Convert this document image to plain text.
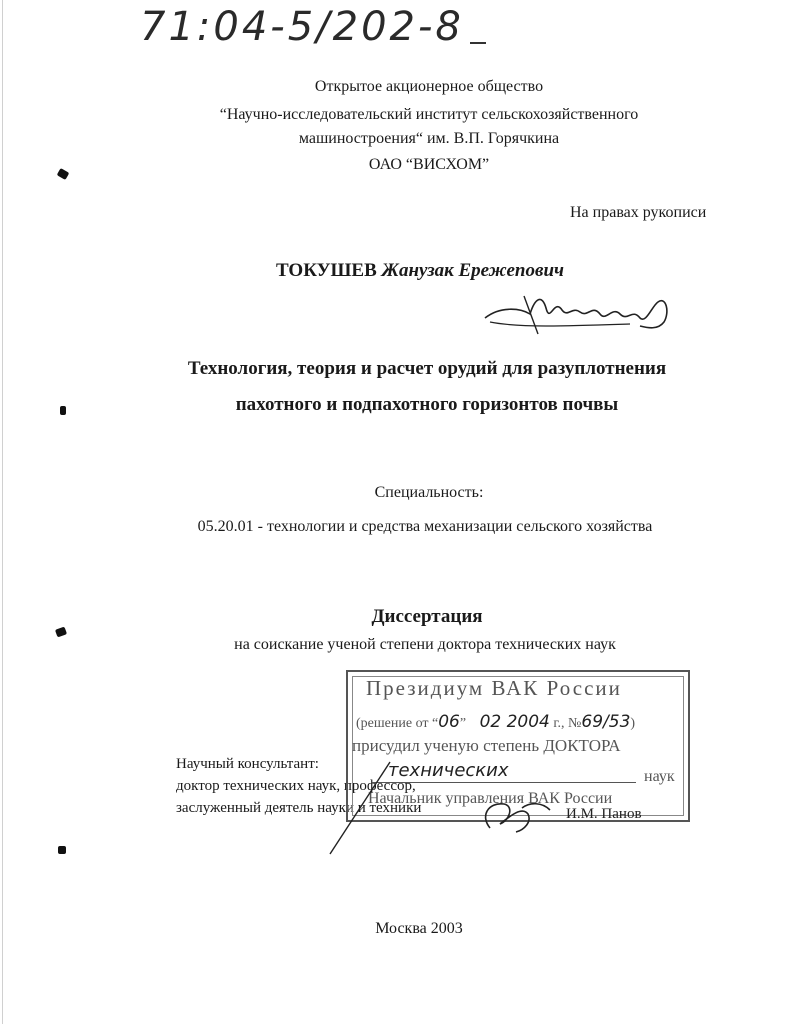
71:04-5/202-8
Открытое акционерное общество
“Научно-исследовательский институт сельскохозяйственного
машиностроения“ им. В.П. Горячкина
ОАО “ВИСХОМ”
На правах рукописи
ТОКУШЕВ Жанузак Ережепович
Технология, теория и расчет орудий для разуплотнения
пахотного и подпахотного горизонтов почвы
Специальность:
05.20.01 - технологии и средства механизации сельского хозяйства
Диссертация
на соискание ученой степени доктора технических наук
Научный консультант:
доктор технических наук, профессор,
заслуженный деятель науки и техники
Президиум ВАК России
(решение от “06” 02 2004 г., №69/53)
присудил ученую степень ДОКТОРА
технических	наук
Начальник управления ВАК России
И.М. Панов
Москва 2003
